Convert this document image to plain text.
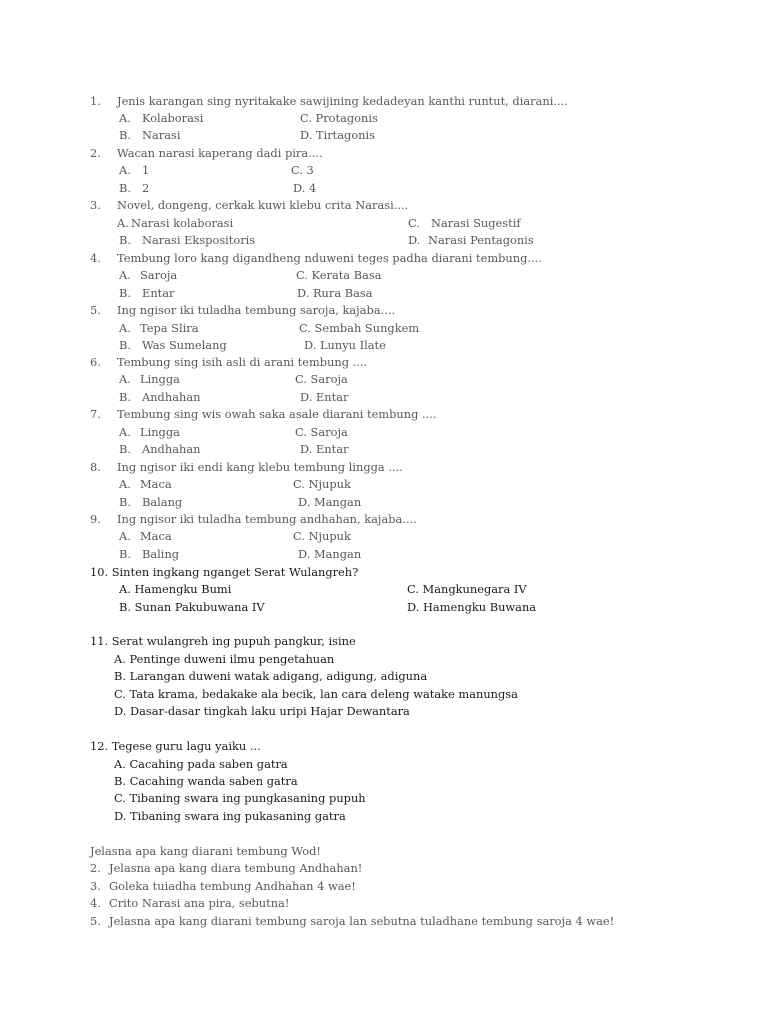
1. Jenis karangan sing nyritakake sawijining kedadeyan kanthi runtut, diarani....
A. Kolaborasi	C. Protagonis
B. Narasi	D. Tirtagonis
2. Wacan narasi kaperang dadi pira....
A. 1	C. 3
B. 2	D. 4
3. Novel, dongeng, cerkak kuwi klebu crita Narasi....
A. Narasi kolaborasi	C. Narasi Sugestif
B. Narasi Ekspositoris	D. Narasi Pentagonis
4. Tembung loro kang digandheng nduweni teges padha diarani tembung....
A. Saroja	C. Kerata Basa
B. Entar	D. Rura Basa
5. Ing ngisor iki tuladha tembung saroja, kajaba....
A. Tepa Slira	C. Sembah Sungkem
B. Was Sumelang	D. Lunyu Ilate
6. Tembung sing isih asli di arani tembung ....
A. Lingga	C. Saroja
B. Andhahan	D. Entar
7. Tembung sing wis owah saka asale diarani tembung ....
A. Lingga	C. Saroja
B. Andhahan	D. Entar
8. Ing ngisor iki endi kang klebu tembung lingga ....
A. Maca	C. Njupuk
B. Balang	D. Mangan
9. Ing ngisor iki tuladha tembung andhahan, kajaba....
A. Maca	C. Njupuk
B. Baling	D. Mangan
10. Sinten ingkang nganget Serat Wulangreh?
A. Hamengku Bumi	C. Mangkunegara IV
B. Sunan Pakubuwana IV	D. Hamengku Buwana
11. Serat wulangreh ing pupuh pangkur, isine
A. Pentinge duweni ilmu pengetahuan
B. Larangan duweni watak adigang, adigung, adiguna
C. Tata krama, bedakake ala becik, lan cara deleng watake manungsa
D. Dasar-dasar tingkah laku uripi Hajar Dewantara
12. Tegese guru lagu yaiku ...
A. Cacahing pada saben gatra
B. Cacahing wanda saben gatra
C. Tibaning swara ing pungkasaning pupuh
D. Tibaning swara ing pukasaning gatra
Jelasna apa kang diarani tembung Wod!
2. Jelasna apa kang diara tembung Andhahan!
3. Goleka tuiadha tembung Andhahan 4 wae!
4. Crito Narasi ana pira, sebutna!
5. Jelasna apa kang diarani tembung saroja lan sebutna tuladhane tembung saroja 4 wae!
